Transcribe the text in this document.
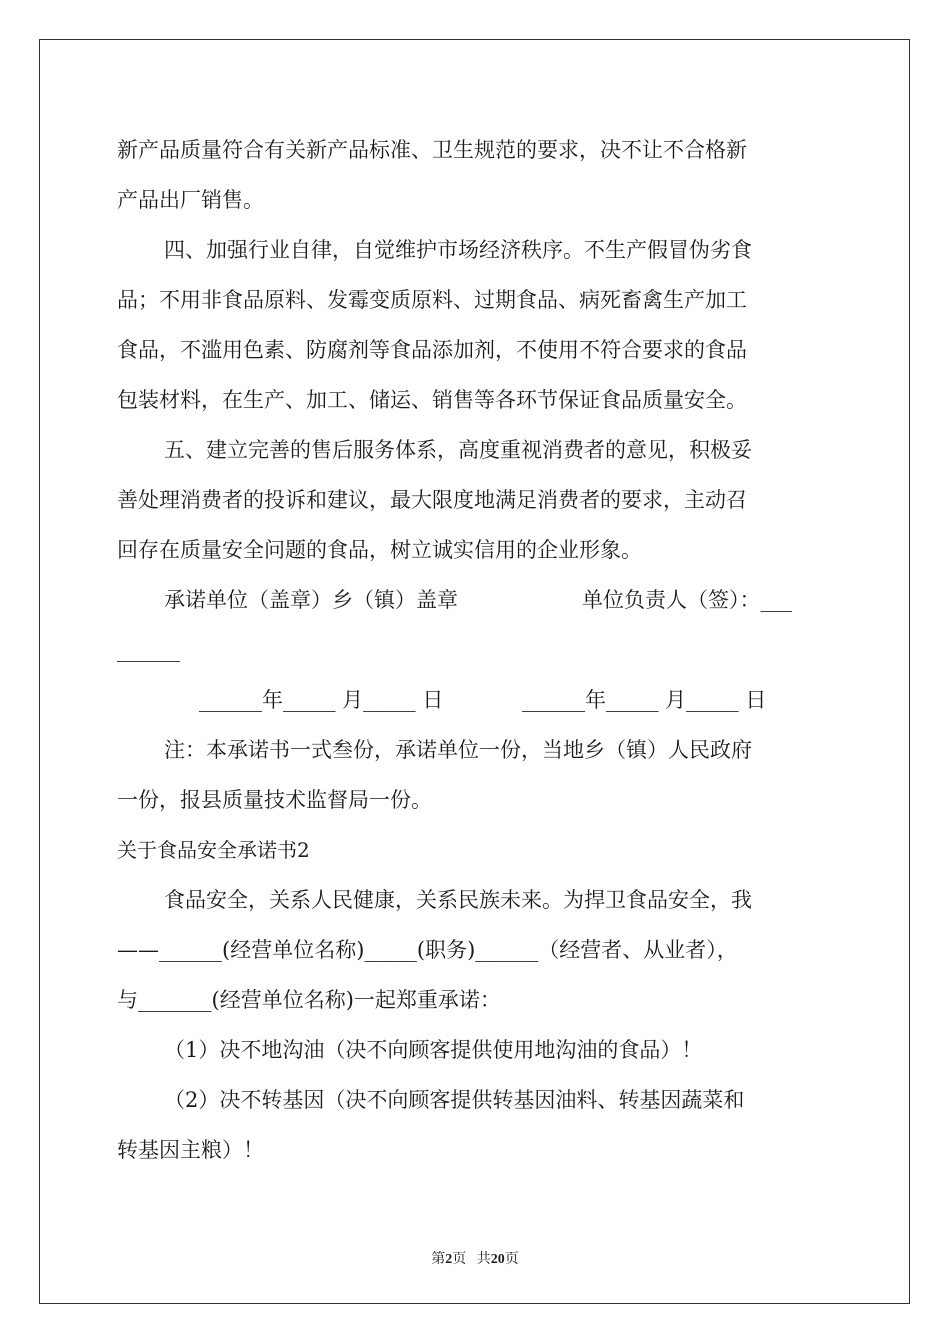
新产品质量符合有关新产品标准、卫生规范的要求，决不让不合格新
产品出厂销售。
四、加强行业自律，自觉维护市场经济秩序。不生产假冒伪劣食
品；不用非食品原料、发霉变质原料、过期食品、病死畜禽生产加工
食品，不滥用色素、防腐剂等食品添加剂，不使用不符合要求的食品
包装材料，在生产、加工、储运、销售等各环节保证食品质量安全。
五、建立完善的售后服务体系，高度重视消费者的意见，积极妥
善处理消费者的投诉和建议，最大限度地满足消费者的要求，主动召
回存在质量安全问题的食品，树立诚实信用的企业形象。
承诺单位（盖章）乡（镇）盖章	单位负责人（签）：___
______
______年_____ 月_____ 日	______年_____ 月_____ 日
注：本承诺书一式叁份，承诺单位一份，当地乡（镇）人民政府
一份，报县质量技术监督局一份。
关于食品安全承诺书2
食品安全，关系人民健康，关系民族未来。为捍卫食品安全，我
——______(经营单位名称)_____(职务)______（经营者、从业者），
与_______(经营单位名称)一起郑重承诺：
（1）决不地沟油（决不向顾客提供使用地沟油的食品）！
（2）决不转基因（决不向顾客提供转基因油料、转基因蔬菜和
转基因主粮）！
第2页 共20页
